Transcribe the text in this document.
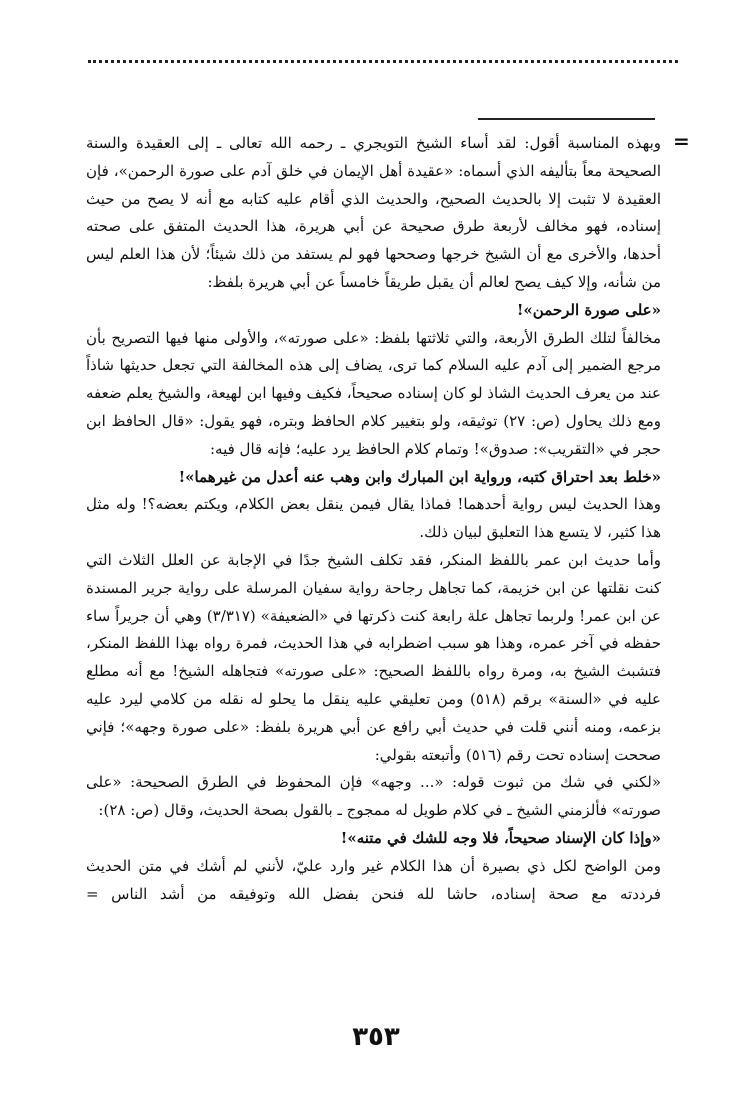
=

وبهذه المناسبة أقول: لقد أساء الشيخ التويجري ـ رحمه الله تعالى ـ إلى العقيدة والسنة الصحيحة معاً بتأليفه الذي أسماه: «عقيدة أهل الإيمان في خلق آدم على صورة الرحمن»، فإن العقيدة لا تثبت إلا بالحديث الصحيح، والحديث الذي أقام عليه كتابه مع أنه لا يصح من حيث إسناده، فهو مخالف لأربعة طرق صحيحة عن أبي هريرة، هذا الحديث المتفق على صحته أحدها، والأخرى مع أن الشيخ خرجها وصححها فهو لم يستفد من ذلك شيئاً؛ لأن هذا العلم ليس من شأنه، وإلا كيف يصح لعالم أن يقبل طريقاً خامساً عن أبي هريرة بلفظ:

«على صورة الرحمن»!

مخالفاً لتلك الطرق الأربعة، والتي ثلاثتها بلفظ: «على صورته»، والأولى منها فيها التصريح بأن مرجع الضمير إلى آدم عليه السلام كما ترى، يضاف إلى هذه المخالفة التي تجعل حديثها شاذاً عند من يعرف الحديث الشاذ لو كان إسناده صحيحاً، فكيف وفيها ابن لهيعة، والشيخ يعلم ضعفه ومع ذلك يحاول (ص: ٢٧) توثيقه، ولو بتغيير كلام الحافظ وبتره، فهو يقول: «قال الحافظ ابن حجر في «التقريب»: صدوق»! وتمام كلام الحافظ يرد عليه؛ فإنه قال فيه:

«خلط بعد احتراق كتبه، ورواية ابن المبارك وابن وهب عنه أعدل من غيرهما»!

وهذا الحديث ليس رواية أحدهما! فماذا يقال فيمن ينقل بعض الكلام، ويكتم بعضه؟! وله مثل هذا كثير، لا يتسع هذا التعليق لبيان ذلك.

وأما حديث ابن عمر باللفظ المنكر، فقد تكلف الشيخ جدًا في الإجابة عن العلل الثلاث التي كنت نقلتها عن ابن خزيمة، كما تجاهل رجاحة رواية سفيان المرسلة على رواية جرير المسندة عن ابن عمر! ولربما تجاهل علة رابعة كنت ذكرتها في «الضعيفة» (٣/٣١٧) وهي أن جريراً ساء حفظه في آخر عمره، وهذا هو سبب اضطرابه في هذا الحديث، فمرة رواه بهذا اللفظ المنكر، فتشبث الشيخ به، ومرة رواه باللفظ الصحيح: «على صورته» فتجاهله الشيخ! مع أنه مطلع عليه في «السنة» برقم (٥١٨) ومن تعليقي عليه ينقل ما يحلو له نقله من كلامي ليرد عليه بزعمه، ومنه أنني قلت في حديث أبي رافع عن أبي هريرة بلفظ: «على صورة وجهه»؛ فإني صححت إسناده تحت رقم (٥١٦) وأتبعته بقولي:

«لكني في شك من ثبوت قوله: «... وجهه» فإن المحفوظ في الطرق الصحيحة: «على صورته» فألزمني الشيخ ـ في كلام طويل له ممجوج ـ بالقول بصحة الحديث، وقال (ص: ٢٨):

«وإذا كان الإسناد صحيحاً، فلا وجه للشك في متنه»!

ومن الواضح لكل ذي بصيرة أن هذا الكلام غير وارد عليّ، لأنني لم أشك في متن الحديث فرددته مع صحة إسناده، حاشا لله فنحن بفضل الله وتوفيقه من أشد الناس =

٣٥٣
